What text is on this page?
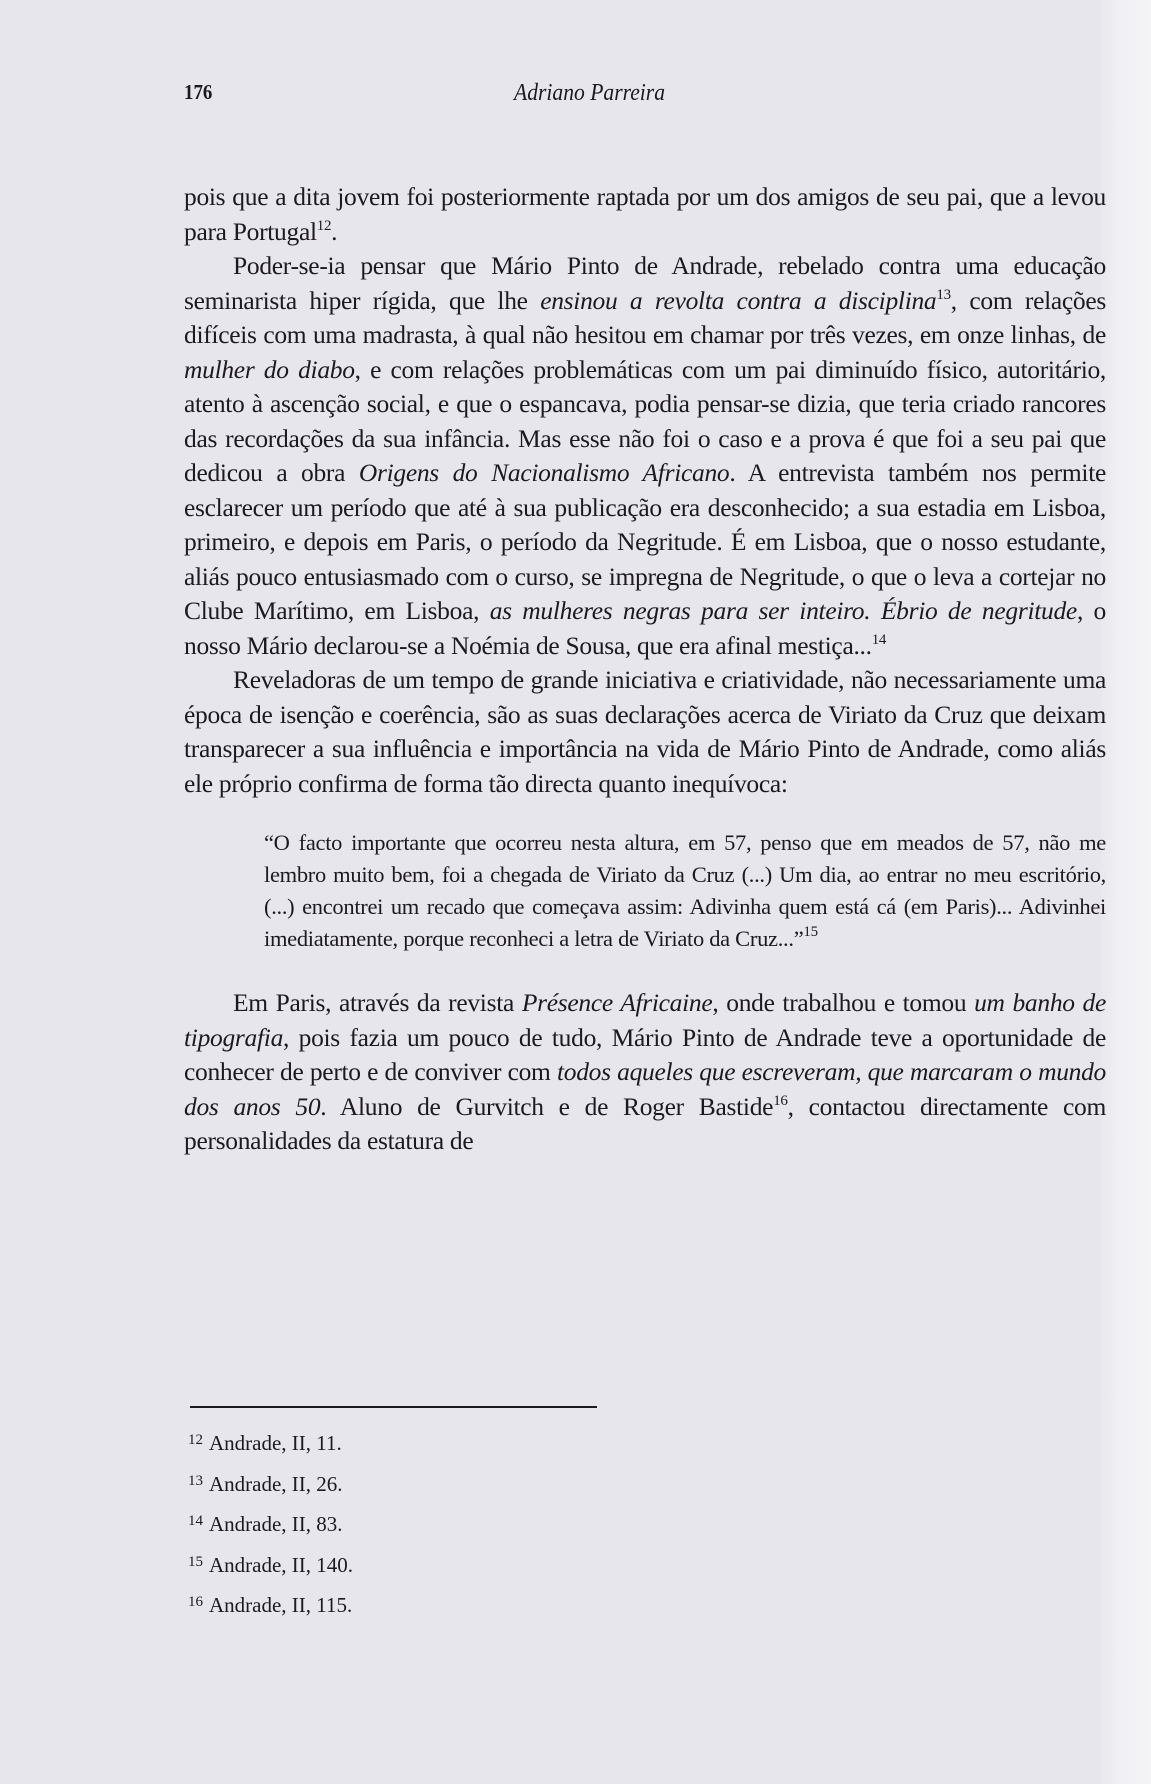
176	Adriano Parreira

pois que a dita jovem foi posteriormente raptada por um dos amigos de seu pai, que a levou para Portugal$^{12}$.

Poder-se-ia pensar que Mário Pinto de Andrade, rebelado contra uma educação seminarista hiper rígida, que lhe ensinou a revolta contra a disciplina$^{13}$, com relações difíceis com uma madrasta, à qual não hesitou em chamar por três vezes, em onze linhas, de mulher do diabo, e com relações problemáticas com um pai diminuído físico, autoritário, atento à ascenção social, e que o espancava, podia pensar-se dizia, que teria criado rancores das recordações da sua infância. Mas esse não foi o caso e a prova é que foi a seu pai que dedicou a obra Origens do Nacionalismo Africano. A entrevista também nos permite esclarecer um período que até à sua publicação era desconhecido; a sua estadia em Lisboa, primeiro, e depois em Paris, o período da Negritude. É em Lisboa, que o nosso estudante, aliás pouco entusiasmado com o curso, se impregna de Negritude, o que o leva a cortejar no Clube Marítimo, em Lisboa, as mulheres negras para ser inteiro. Ébrio de negritude, o nosso Mário declarou-se a Noémia de Sousa, que era afinal mestiça...$^{14}$

Reveladoras de um tempo de grande iniciativa e criatividade, não necessariamente uma época de isenção e coerência, são as suas declarações acerca de Viriato da Cruz que deixam transparecer a sua influência e importância na vida de Mário Pinto de Andrade, como aliás ele próprio confirma de forma tão directa quanto inequívoca:

“O facto importante que ocorreu nesta altura, em 57, penso que em meados de 57, não me lembro muito bem, foi a chegada de Viriato da Cruz (...) Um dia, ao entrar no meu escritório, (...) encontrei um recado que começava assim: Adivinha quem está cá (em Paris)... Adivinhei imediatamente, porque reconheci a letra de Viriato da Cruz...”$^{15}$

Em Paris, através da revista Présence Africaine, onde trabalhou e tomou um banho de tipografia, pois fazia um pouco de tudo, Mário Pinto de Andrade teve a oportunidade de conhecer de perto e de conviver com todos aqueles que escreveram, que marcaram o mundo dos anos 50. Aluno de Gurvitch e de Roger Bastide$^{16}$, contactou directamente com personalidades da estatura de

$^{12}$ Andrade, II, 11.
$^{13}$ Andrade, II, 26.
$^{14}$ Andrade, II, 83.
$^{15}$ Andrade, II, 140.
$^{16}$ Andrade, II, 115.
